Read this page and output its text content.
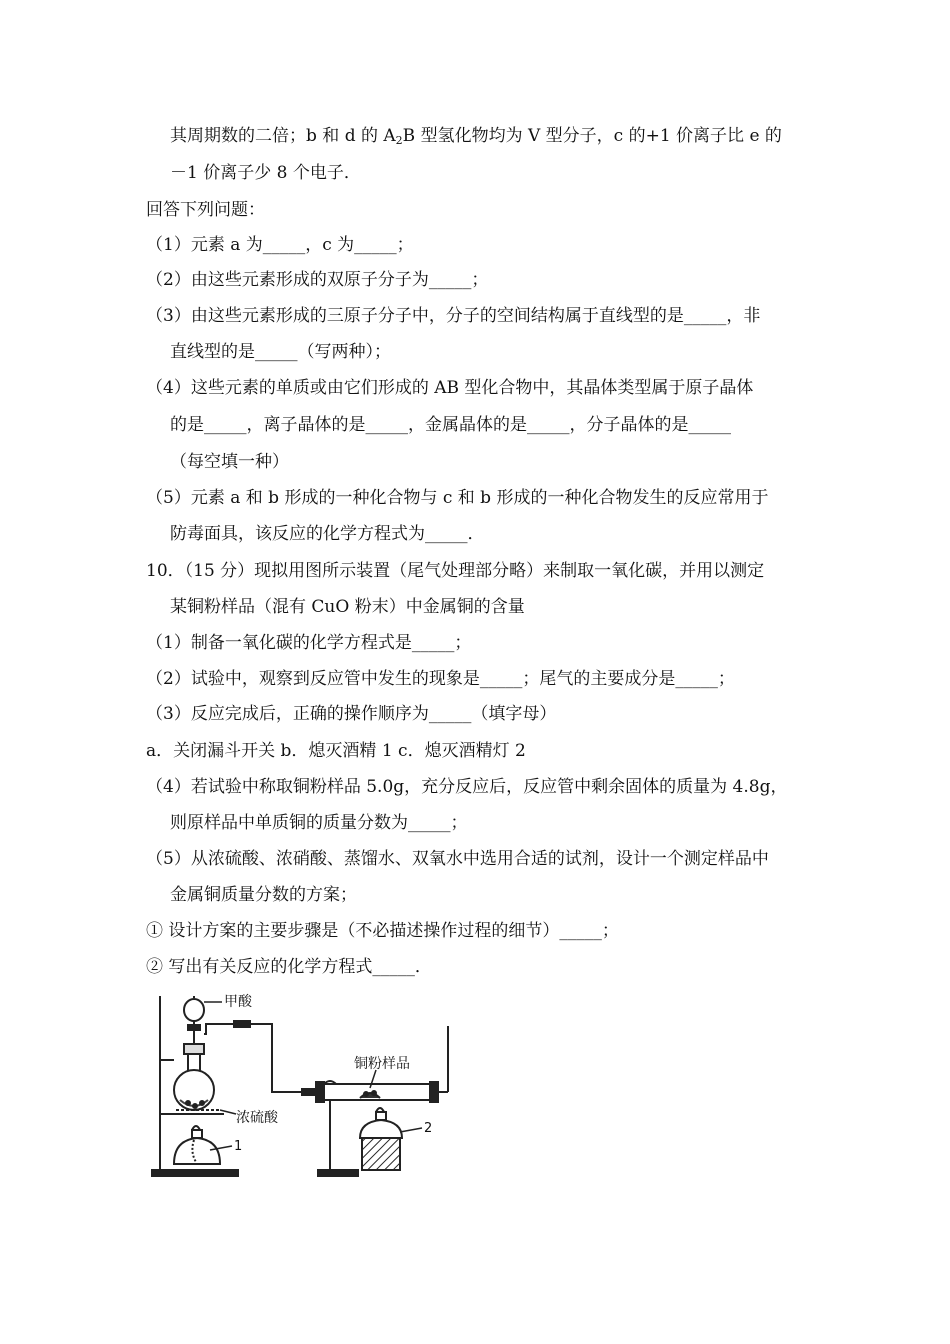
其周期数的二倍；b 和 d 的 $A_2B$ 型氢化物均为 V 型分子，c 的+1 价离子比 e 的
－1 价离子少 8 个电子．
回答下列问题：
（1）元素 a 为_____，c 为_____；
（2）由这些元素形成的双原子分子为_____；
（3）由这些元素形成的三原子分子中，分子的空间结构属于直线型的是_____，非
直线型的是_____（写两种）；
（4）这些元素的单质或由它们形成的 AB 型化合物中，其晶体类型属于原子晶体
的是_____，离子晶体的是_____，金属晶体的是_____，分子晶体的是_____
（每空填一种）
（5）元素 a 和 b 形成的一种化合物与 c 和 b 形成的一种化合物发生的反应常用于
防毒面具，该反应的化学方程式为_____．
10．（15 分）现拟用图所示装置（尾气处理部分略）来制取一氧化碳，并用以测定
某铜粉样品（混有 CuO 粉末）中金属铜的含量
（1）制备一氧化碳的化学方程式是_____；
（2）试验中，观察到反应管中发生的现象是_____；尾气的主要成分是_____；
（3）反应完成后，正确的操作顺序为_____（填字母）
a．关闭漏斗开关 b．熄灭酒精 1 c．熄灭酒精灯 2
（4）若试验中称取铜粉样品 5.0g，充分反应后，反应管中剩余固体的质量为 4.8g，
则原样品中单质铜的质量分数为_____；
（5）从浓硫酸、浓硝酸、蒸馏水、双氧水中选用合适的试剂，设计一个测定样品中
金属铜质量分数的方案；
① 设计方案的主要步骤是（不必描述操作过程的细节）_____；
② 写出有关反应的化学方程式_____．
甲酸
浓硫酸
铜粉样品
1
2
